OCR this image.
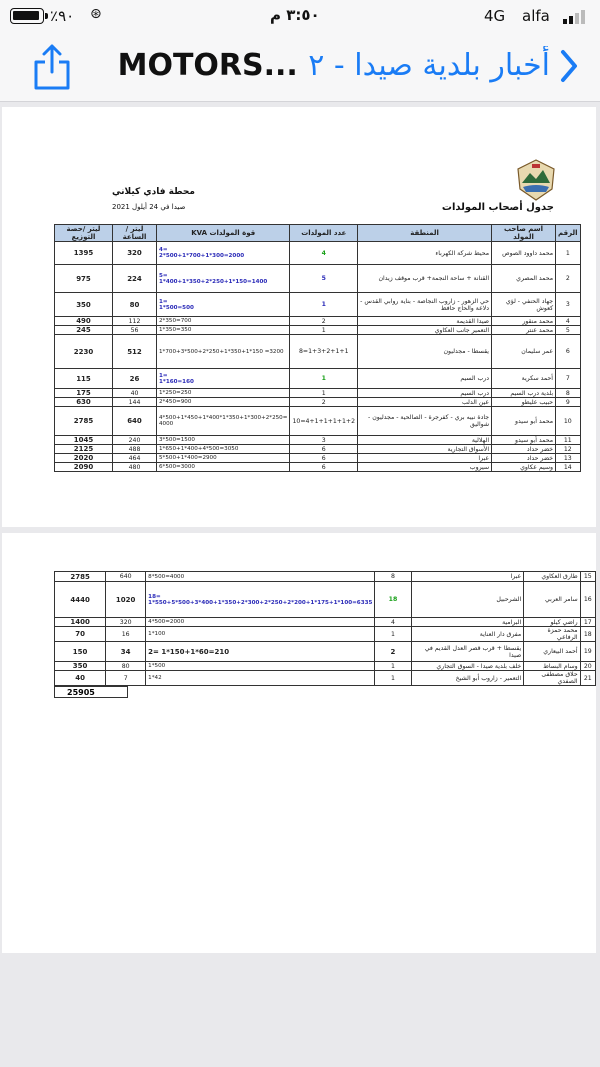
٪٩٠ ⊛	٣:٥٠ م	4G alfa
أخبار بلدية صيدا - ٢ ...MOTORS
جدول أصحاب المولدات
محطة فادي كيلاني
صيدا في 24 أيلول 2021
الرقم	اسم صاحب المولد	المنطقة	عدد المولدات	قوة المولدات KVA	ليتر / الساعة	ليتر /حصة التوزيع
1	محمد داوود الصوص	محيط شركة الكهرباء	4	4=
2*500+1*700+1*300=2000	320	1395
2	محمد المصري	القنانة + ساحة النجمة+ قرب موقف زيدان	5	5=
1*400+1*350+2*250+1*150=1400	224	975
3	جهاد الحنفي - لؤي كعوش	حي الزهور - زاروب النجاصة - بناية روابي القدس - دلاعة والحاج حافظ	1	1=
1*500=500	80	350
4	محمد منقور	صيدا القديمة	2	2*350=700	112	490
5	محمد عنتر	التعمير جانب العكاوي	1	1*350=350	56	245
6	عمر سليمان	يقسطا - مجدليون	1+3+2+1+1=8	1*700+3*500+2*250+1*350+1*150 =3200	512	2230
7	أحمد سكرية	درب السيم	1	1=
1*160=160	26	115
8	بلدية درب السيم	درب السيم	1	1*250=250	40	175
9	حبيب عليطو	عين الدلب	2	2*450=900	144	630
10	محمد أبو سيدو	جادة نبيه بري - كفرجرة - الصالحية - مجدليون - شواليق	4+1+1+1+1+2=10	4*500+1*450+1*400*1*350+1*300+2*250= 4000	640	2785
11	محمد أبو سيدو	الهلالية	3	3*500=1500	240	1045
12	خضر حداد	الأسواق التجارية	6	1*650+1*400+4*500=3050	488	2125
13	خضر حداد	عبرا	6	5*500+1*400=2900	464	2020
14	وسيم عكاوي	سيروب	6	6*500=3000	480	2090
15	طارق العكاوي	عبرا	8	8*500=4000	640	2785
16	سامر العربي	الشرحبيل	18	18=
1*550+5*500+3*400+1*350+2*300+2*250+2*200+1*175+1*100=6335	1020	4440
17	راضي كيلو	البرامية	4	4*500=2000	320	1400
18	محمد حمزة الرفاعي	مفرق دار العناية	1	1*100	16	70
19	أحمد البيعاري	يقسطا + قرب قصر العدل القديم في صيدا	2	2= 1*150+1*60=210	34	150
20	وسام البساط	خلف بلدية صيدا - السوق التجاري	1	1*500	80	350
21	حلاق مصطفى الصفدي	التعمير - زاروب أبو الشيخ	1	1*42	7	40
25905
